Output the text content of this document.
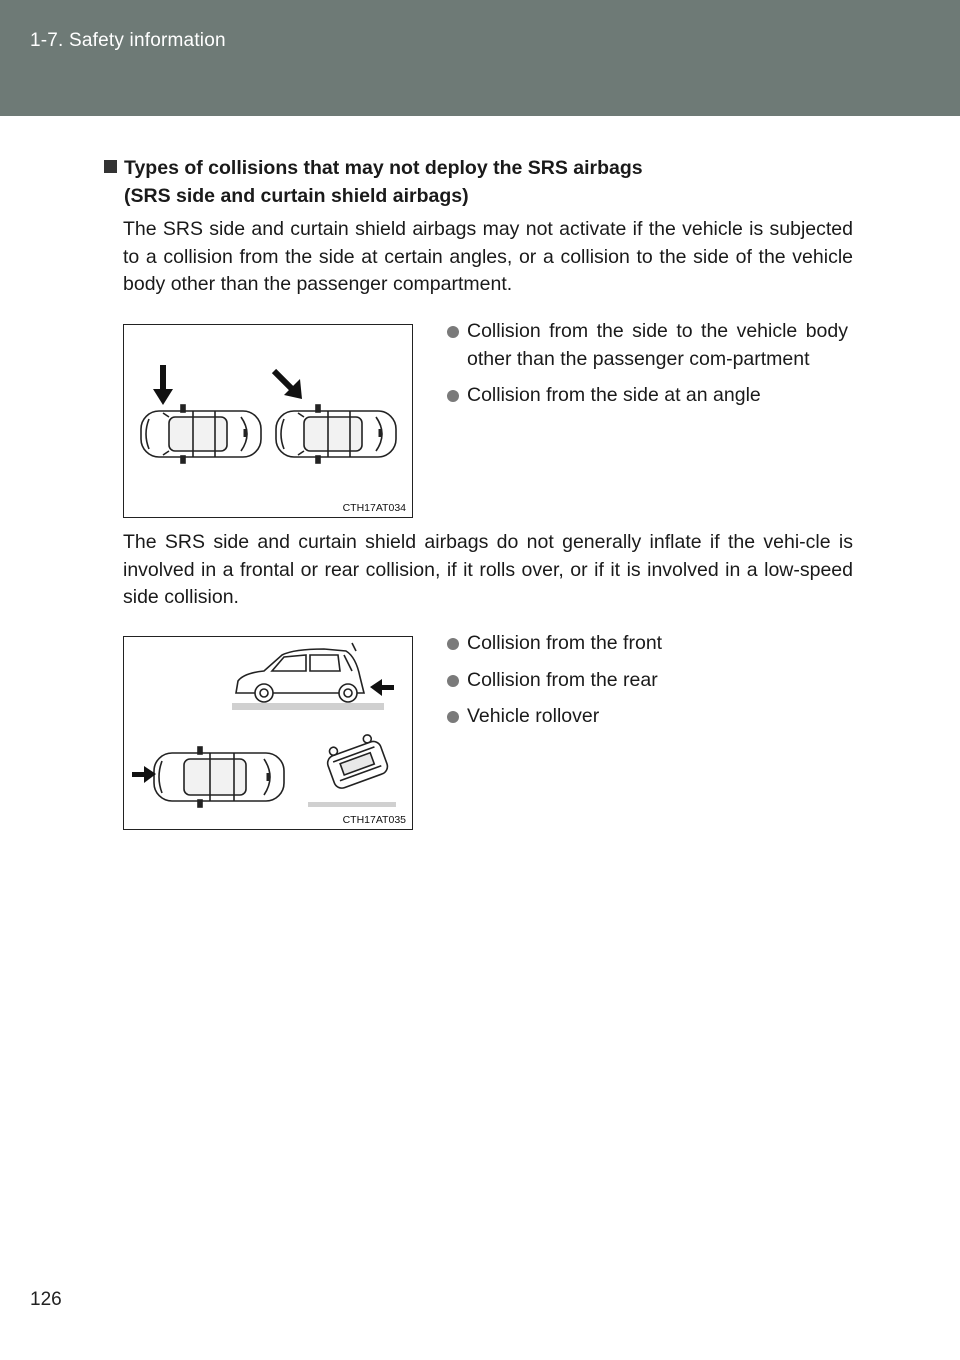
1-7. Safety information
Types of collisions that may not deploy the SRS airbags
(SRS side and curtain shield airbags)
The SRS side and curtain shield airbags may not activate if the vehicle is subjected to a collision from the side at certain angles, or a collision to the side of the vehicle body other than the passenger compartment.
CTH17AT034
Collision from the side to the vehicle body other than the passenger com-partment
Collision from the side at an angle
The SRS side and curtain shield airbags do not generally inflate if the vehi-cle is involved in a frontal or rear collision, if it rolls over, or if it is involved in a low-speed side collision.
CTH17AT035
Collision from the front
Collision from the rear
Vehicle rollover
126
